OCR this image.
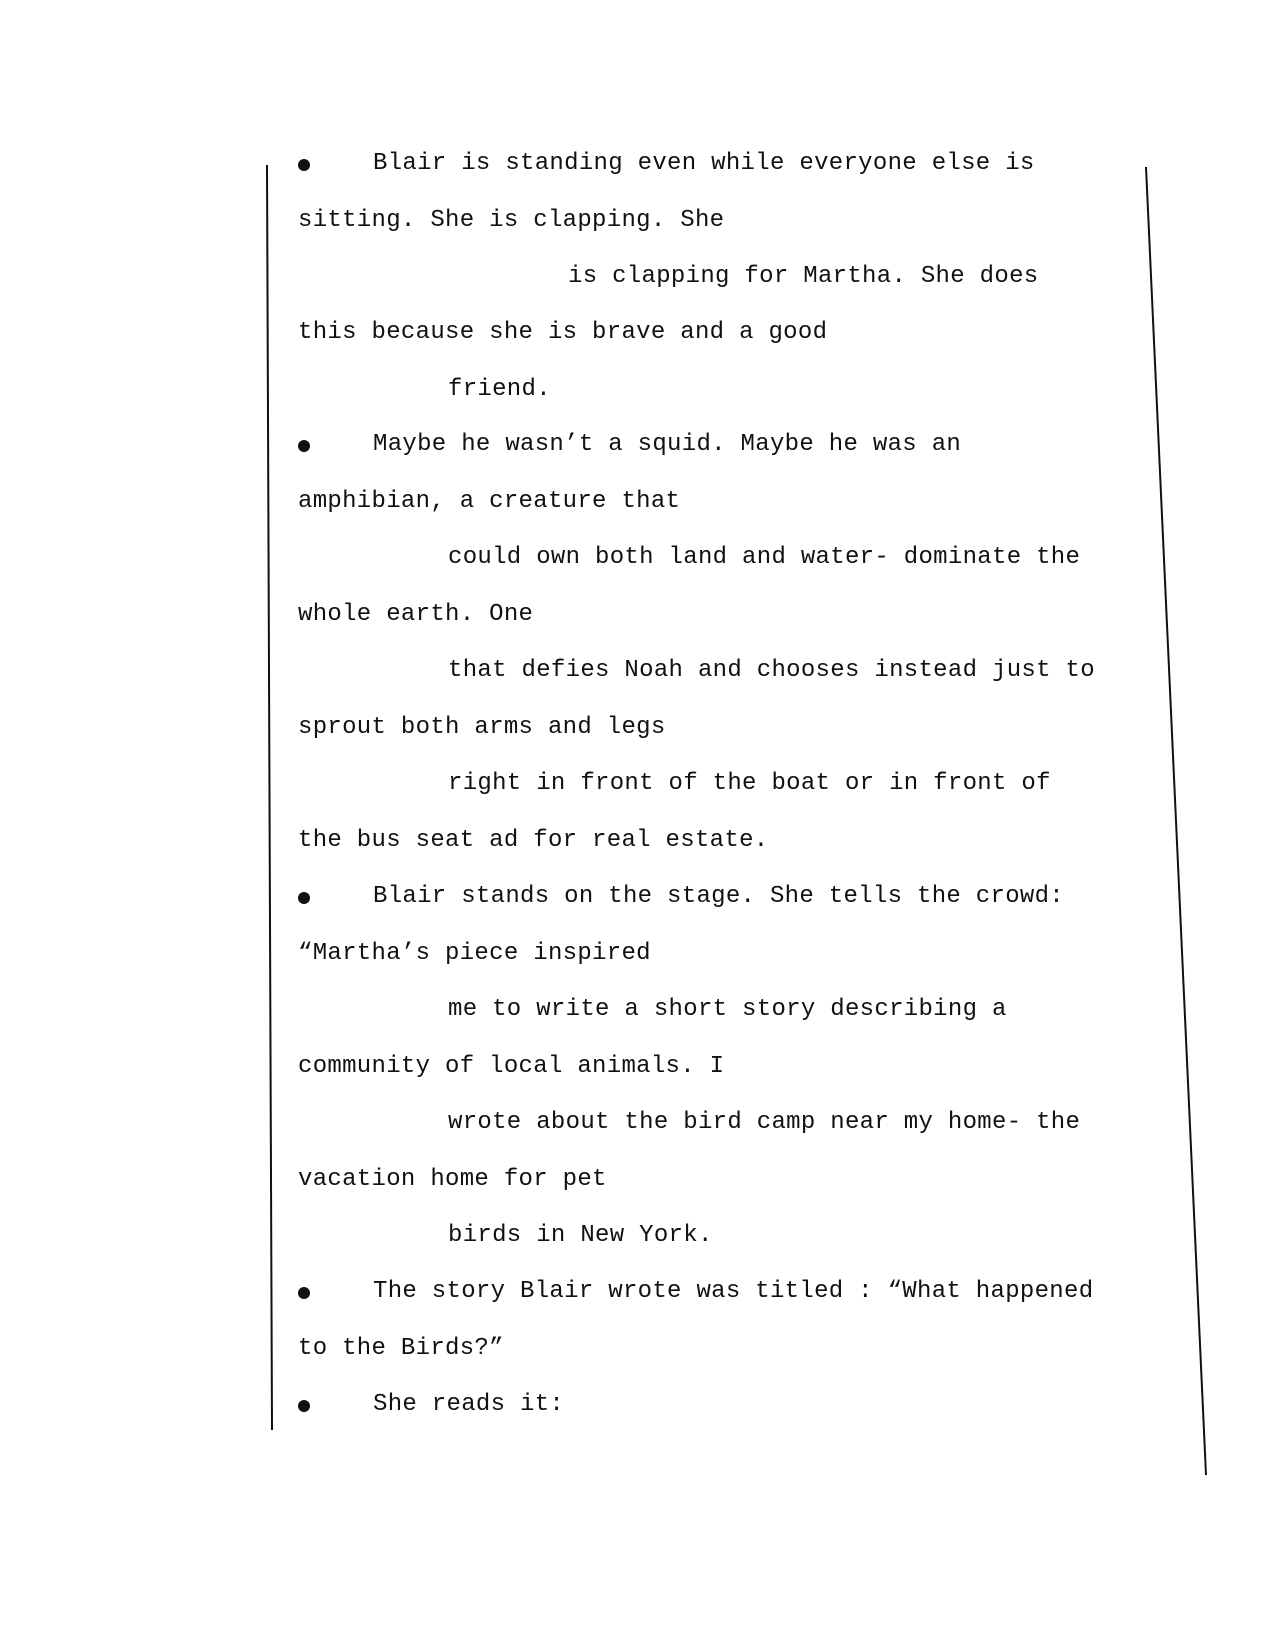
Blair is standing even while everyone else is
sitting. She is clapping. She
is clapping for Martha. She does
this because she is brave and a good
friend.
Maybe he wasn’t a squid. Maybe he was an
amphibian, a creature that
could own both land and water- dominate the
whole earth. One
that defies Noah and chooses instead just to
sprout both arms and legs
right in front of the boat or in front of
the bus seat ad for real estate.
Blair stands on the stage. She tells the crowd:
“Martha’s piece inspired
me to write a short story describing a
community of local animals. I
wrote about the bird camp near my home- the
vacation home for pet
birds in New York.
The story Blair wrote was titled : “What happened
to the Birds?”
She reads it:
